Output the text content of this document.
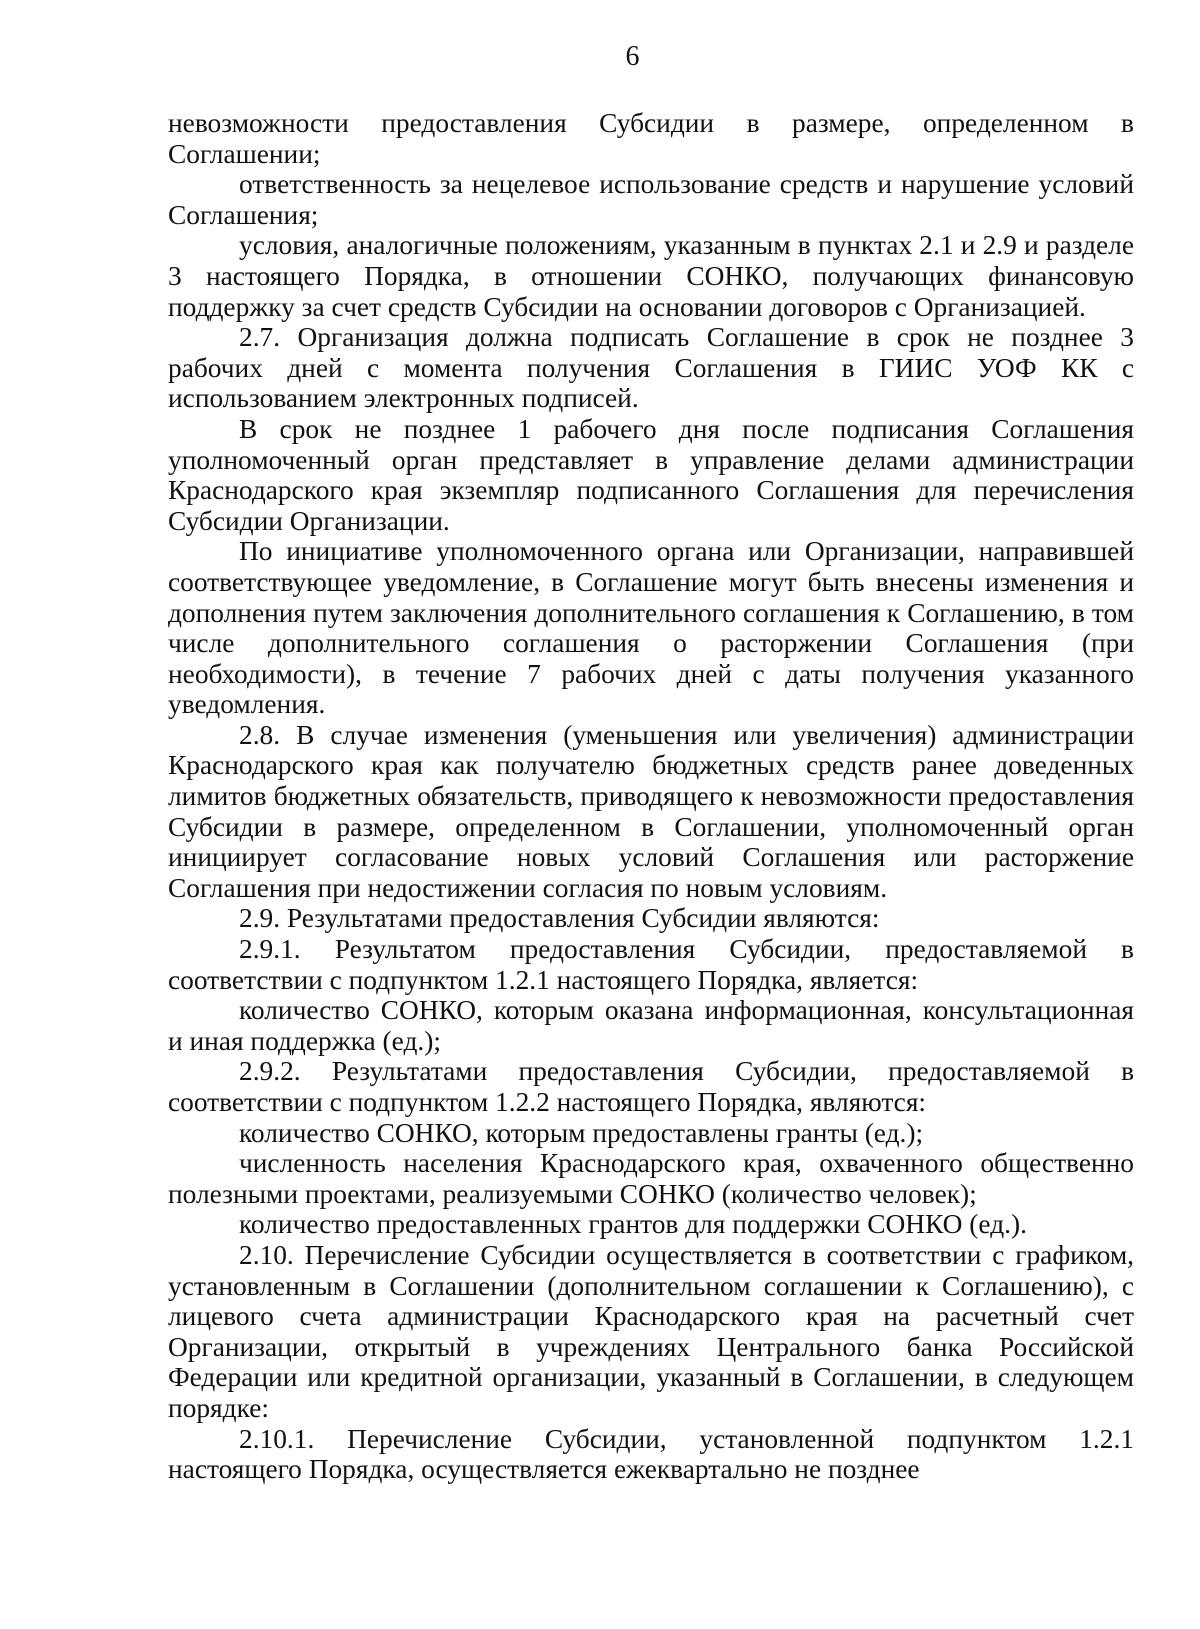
6

невозможности предоставления Субсидии в размере, определенном в Соглашении;

ответственность за нецелевое использование средств и нарушение условий Соглашения;

условия, аналогичные положениям, указанным в пунктах 2.1 и 2.9 и разделе 3 настоящего Порядка, в отношении СОНКО, получающих финансовую поддержку за счет средств Субсидии на основании договоров с Организацией.

2.7. Организация должна подписать Соглашение в срок не позднее 3 рабочих дней с момента получения Соглашения в ГИИС УОФ КК с использованием электронных подписей.

В срок не позднее 1 рабочего дня после подписания Соглашения уполномоченный орган представляет в управление делами администрации Краснодарского края экземпляр подписанного Соглашения для перечисления Субсидии Организации.

По инициативе уполномоченного органа или Организации, направившей соответствующее уведомление, в Соглашение могут быть внесены изменения и дополнения путем заключения дополнительного соглашения к Соглашению, в том числе дополнительного соглашения о расторжении Соглашения (при необходимости), в течение 7 рабочих дней с даты получения указанного уведомления.

2.8. В случае изменения (уменьшения или увеличения) администрации Краснодарского края как получателю бюджетных средств ранее доведенных лимитов бюджетных обязательств, приводящего к невозможности предоставления Субсидии в размере, определенном в Соглашении, уполномоченный орган инициирует согласование новых условий Соглашения или расторжение Соглашения при недостижении согласия по новым условиям.

2.9. Результатами предоставления Субсидии являются:

2.9.1. Результатом предоставления Субсидии, предоставляемой в соответствии с подпунктом 1.2.1 настоящего Порядка, является:

количество СОНКО, которым оказана информационная, консультационная и иная поддержка (ед.);

2.9.2. Результатами предоставления Субсидии, предоставляемой в соответствии с подпунктом 1.2.2 настоящего Порядка, являются:

количество СОНКО, которым предоставлены гранты (ед.);

численность населения Краснодарского края, охваченного общественно полезными проектами, реализуемыми СОНКО (количество человек);

количество предоставленных грантов для поддержки СОНКО (ед.).

2.10. Перечисление Субсидии осуществляется в соответствии с графиком, установленным в Соглашении (дополнительном соглашении к Соглашению), с лицевого счета администрации Краснодарского края на расчетный счет Организации, открытый в учреждениях Центрального банка Российской Федерации или кредитной организации, указанный в Соглашении, в следующем порядке:

2.10.1. Перечисление Субсидии, установленной подпунктом 1.2.1 настоящего Порядка, осуществляется ежеквартально не позднее
